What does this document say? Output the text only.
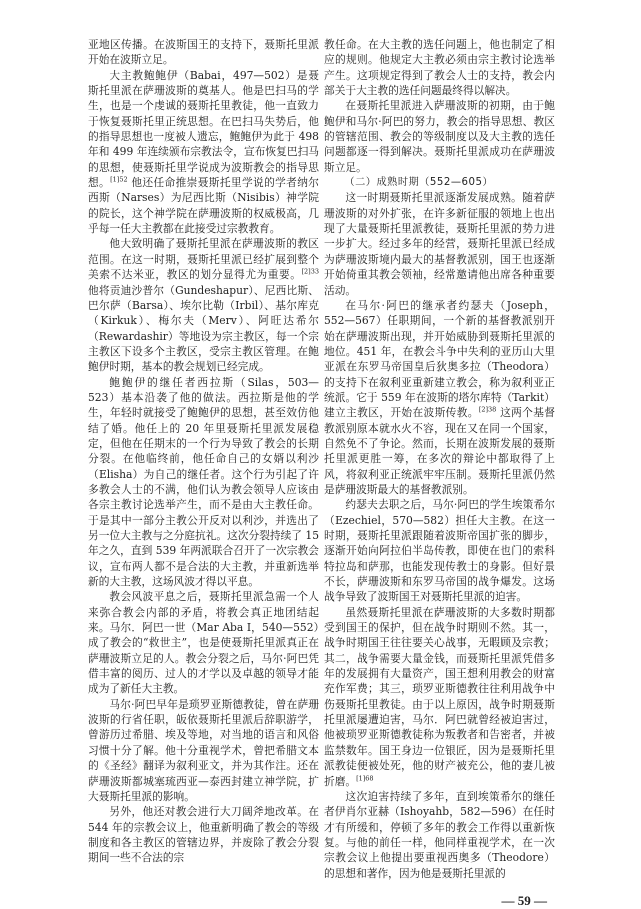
亚地区传播。在波斯国王的支持下，聂斯托里派开始在波斯立足。

大主教鲍鲍伊（Babai，497—502）是聂斯托里派在萨珊波斯的奠基人。他是巴扫马的学生，也是一个虔诚的聂斯托里教徒，他一直致力于恢复聂斯托里正统思想。在巴扫马失势后，他的指导思想也一度被人遗忘，鲍鲍伊为此于 498 年和 499 年连续颁布宗教法令，宣布恢复巴扫马的思想，使聂斯托里学说成为波斯教会的指导思想。$^{[1]52}$ 他还任命推崇聂斯托里学说的学者纳尔西斯（Narses）为尼西比斯（Nisibis）神学院的院长，这个神学院在萨珊波斯的权威极高，几乎每一任大主教都在此接受过宗教教育。

他大致明确了聂斯托里派在萨珊波斯的教区范围。在这一时期，聂斯托里派已经扩展到整个美索不达米亚，教区的划分显得尤为重要。$^{[2]33}$ 他将贡迪沙普尔（Gundeshapur）、尼西比斯、巴尔萨（Barsa）、埃尔比勒（Irbil）、基尔库克（Kirkuk）、梅尔夫（Merv）、阿旺达希尔（Rewardashir）等地设为宗主教区，每一个宗主教区下设多个主教区，受宗主教区管理。在鲍鲍伊时期，基本的教会规划已经完成。

鲍鲍伊的继任者西拉斯（Silas，503—523）基本沿袭了他的做法。西拉斯是他的学生，年轻时就接受了鲍鲍伊的思想，甚至效仿他结了婚。他任上的 20 年里聂斯托里派发展稳定，但他在任期末的一个行为导致了教会的长期分裂。在他临终前，他任命自己的女婿以利沙（Elisha）为自己的继任者。这个行为引起了许多教会人士的不满，他们认为教会领导人应该由各宗主教讨论选举产生，而不是由大主教任命。于是其中一部分主教公开反对以利沙，并选出了另一位大主教与之分庭抗礼。这次分裂持续了 15 年之久，直到 539 年两派联合召开了一次宗教会议，宣布两人都不是合法的大主教，并重新选举新的大主教，这场风波才得以平息。

教会风波平息之后，聂斯托里派急需一个人来弥合教会内部的矛盾，将教会真正地团结起来。马尔．阿巴一世（Mar Aba I，540—552）成了教会的“救世主”，也是使聂斯托里派真正在萨珊波斯立足的人。教会分裂之后，马尔·阿巴凭借丰富的阅历、过人的才学以及卓越的领导才能成为了新任大主教。

马尔·阿巴早年是琐罗亚斯德教徒，曾在萨珊波斯的行省任职，皈依聂斯托里派后辞职游学，曾游历过希腊、埃及等地，对当地的语言和风俗习惯十分了解。他十分重视学术，曾把希腊文本的《圣经》翻译为叙利亚文，并为其作注。还在萨珊波斯都城塞琉西亚—泰西封建立神学院，扩大聂斯托里派的影响。

另外，他还对教会进行大刀阔斧地改革。在 544 年的宗教会议上，他重新明确了教会的等级制度和各主教区的管辖边界，并废除了教会分裂期间一些不合法的宗

教任命。在大主教的选任问题上，他也制定了相应的规则。他规定大主教必须由宗主教讨论选举产生。这项规定得到了教会人士的支持，教会内部关于大主教的选任问题最终得以解决。

在聂斯托里派进入萨珊波斯的初期，由于鲍鲍伊和马尔·阿巴的努力，教会的指导思想、教区的管辖范围、教会的等级制度以及大主教的选任问题都逐一得到解决。聂斯托里派成功在萨珊波斯立足。

（二）成熟时期（552—605）

这一时期聂斯托里派逐渐发展成熟。随着萨珊波斯的对外扩张，在许多新征服的领地上也出现了大量聂斯托里派教徒，聂斯托里派的势力进一步扩大。经过多年的经营，聂斯托里派已经成为萨珊波斯境内最大的基督教派别，国王也逐渐开始倚重其教会领袖，经常邀请他出席各种重要活动。

在马尔·阿巴的继承者约瑟夫（Joseph，552—567）任职期间，一个新的基督教派别开始在萨珊波斯出现，并开始威胁到聂斯托里派的地位。451 年，在教会斗争中失利的亚历山大里亚派在东罗马帝国皇后狄奥多拉（Theodora）的支持下在叙利亚重新建立教会，称为叙利亚正统派。它于 559 年在波斯的塔尔库特（Tarkit）建立主教区，开始在波斯传教。$^{[2]38}$ 这两个基督教派别原本就水火不容，现在又在同一个国家，自然免不了争论。然而，长期在波斯发展的聂斯托里派更胜一筹，在多次的辩论中都取得了上风，将叙利亚正统派牢牢压制。聂斯托里派仍然是萨珊波斯最大的基督教派别。

约瑟夫去职之后，马尔·阿巴的学生埃策希尔（Ezechiel，570—582）担任大主教。在这一时期，聂斯托里派跟随着波斯帝国扩张的脚步，逐渐开始向阿拉伯半岛传教，即使在也门的索科特拉岛和萨那，也能发现传教士的身影。但好景不长，萨珊波斯和东罗马帝国的战争爆发。这场战争导致了波斯国王对聂斯托里派的迫害。

虽然聂斯托里派在萨珊波斯的大多数时期都受到国王的保护，但在战争时期则不然。其一，战争时期国王往往要关心战事，无暇顾及宗教；其二，战争需要大量金钱，而聂斯托里派凭借多年的发展拥有大量资产，国王想利用教会的财富充作军费；其三，琐罗亚斯德教往往利用战争中伤聂斯托里教徒。由于以上原因，战争时期聂斯托里派屡遭迫害，马尔．阿巴就曾经被迫害过，他被琐罗亚斯德教徒称为叛教者和告密者，并被监禁数年。国王身边一位银匠，因为是聂斯托里派教徒便被处死，他的财产被充公，他的妻儿被折磨。$^{[1]68}$

这次迫害持续了多年，直到埃策希尔的继任者伊肖尔亚赫（Ishoyahb，582—596）在任时才有所缓和，停顿了多年的教会工作得以重新恢复。与他的前任一样，他同样重视学术，在一次宗教会议上他提出要重视西奥多（Theodore）的思想和著作，因为他是聂斯托里派的

— 59 —
